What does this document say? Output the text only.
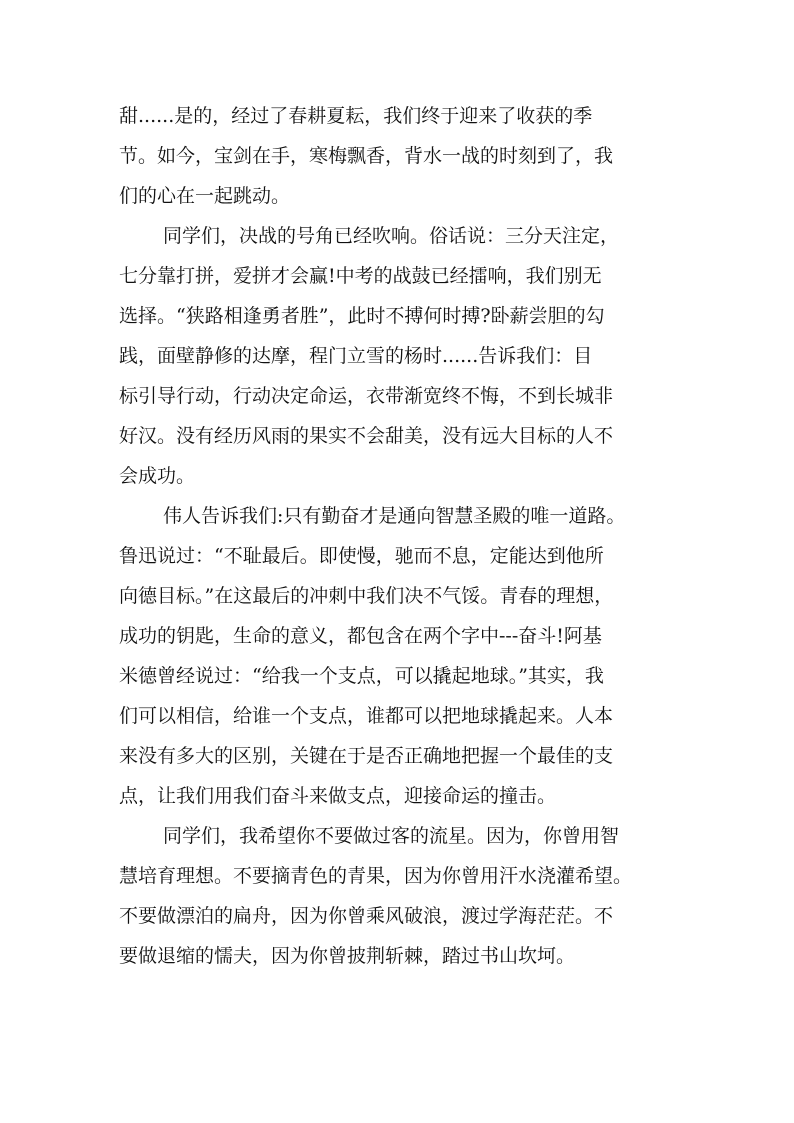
甜......是的，经过了春耕夏耘，我们终于迎来了收获的季
节。如今，宝剑在手，寒梅飘香，背水一战的时刻到了，我
们的心在一起跳动。
同学们，决战的号角已经吹响。俗话说：三分天注定，
七分靠打拼，爱拼才会赢!中考的战鼓已经擂响，我们别无
选择。“狭路相逢勇者胜”，此时不搏何时搏?卧薪尝胆的勾
践，面壁静修的达摩，程门立雪的杨时......告诉我们：目
标引导行动，行动决定命运，衣带渐宽终不悔，不到长城非
好汉。没有经历风雨的果实不会甜美，没有远大目标的人不
会成功。
伟人告诉我们:只有勤奋才是通向智慧圣殿的唯一道路。
鲁迅说过：“不耻最后。即使慢，驰而不息，定能达到他所
向德目标。”在这最后的冲刺中我们决不气馁。青春的理想，
成功的钥匙，生命的意义，都包含在两个字中---奋斗!阿基
米德曾经说过：“给我一个支点，可以撬起地球。”其实，我
们可以相信，给谁一个支点，谁都可以把地球撬起来。人本
来没有多大的区别，关键在于是否正确地把握一个最佳的支
点，让我们用我们奋斗来做支点，迎接命运的撞击。
同学们，我希望你不要做过客的流星。因为，你曾用智
慧培育理想。不要摘青色的青果，因为你曾用汗水浇灌希望。
不要做漂泊的扁舟，因为你曾乘风破浪，渡过学海茫茫。不
要做退缩的懦夫，因为你曾披荆斩棘，踏过书山坎坷。
